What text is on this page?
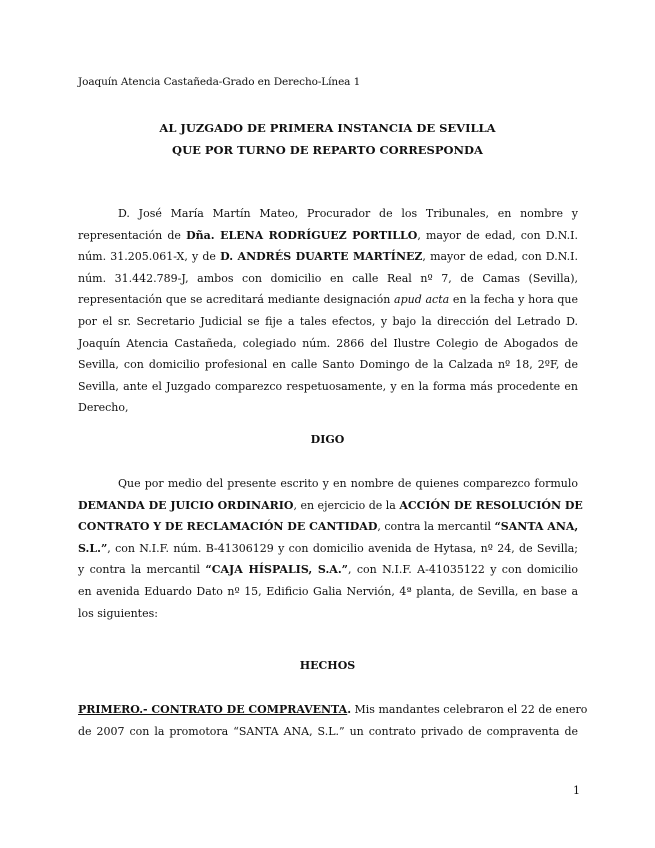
Joaquín Atencia Castañeda-Grado en Derecho-Línea 1
AL JUZGADO DE PRIMERA INSTANCIA DE SEVILLA
QUE POR TURNO DE REPARTO CORRESPONDA
D. José María Martín Mateo, Procurador de los Tribunales, en nombre y
representación de Dña. ELENA RODRÍGUEZ PORTILLO, mayor de edad, con D.N.I.
núm. 31.205.061-X, y de D. ANDRÉS DUARTE MARTÍNEZ, mayor de edad, con D.N.I.
núm. 31.442.789-J, ambos con domicilio en calle Real nº 7, de Camas (Sevilla),
representación que se acreditará mediante designación apud acta en la fecha y hora que
por el sr. Secretario Judicial se fije a tales efectos, y bajo la dirección del Letrado D.
Joaquín Atencia Castañeda, colegiado núm. 2866 del Ilustre Colegio de Abogados de
Sevilla, con domicilio profesional en calle Santo Domingo de la Calzada nº 18, 2ºF, de
Sevilla, ante el Juzgado comparezco respetuosamente, y en la forma más procedente en
Derecho,
DIGO
Que por medio del presente escrito y en nombre de quienes comparezco formulo
DEMANDA DE JUICIO ORDINARIO, en ejercicio de la ACCIÓN DE RESOLUCIÓN DE
CONTRATO Y DE RECLAMACIÓN DE CANTIDAD, contra la mercantil “SANTA ANA,
S.L.”, con N.I.F. núm. B-41306129 y con domicilio avenida de Hytasa, nº 24, de Sevilla;
y contra la mercantil “CAJA HÍSPALIS, S.A.”, con N.I.F. A-41035122 y con domicilio
en avenida Eduardo Dato nº 15, Edificio Galia Nervión, 4ª planta, de Sevilla, en base a
los siguientes:
HECHOS
PRIMERO.- CONTRATO DE COMPRAVENTA. Mis mandantes celebraron el 22 de enero
de 2007 con la promotora “SANTA ANA, S.L.” un contrato privado de compraventa de
1
